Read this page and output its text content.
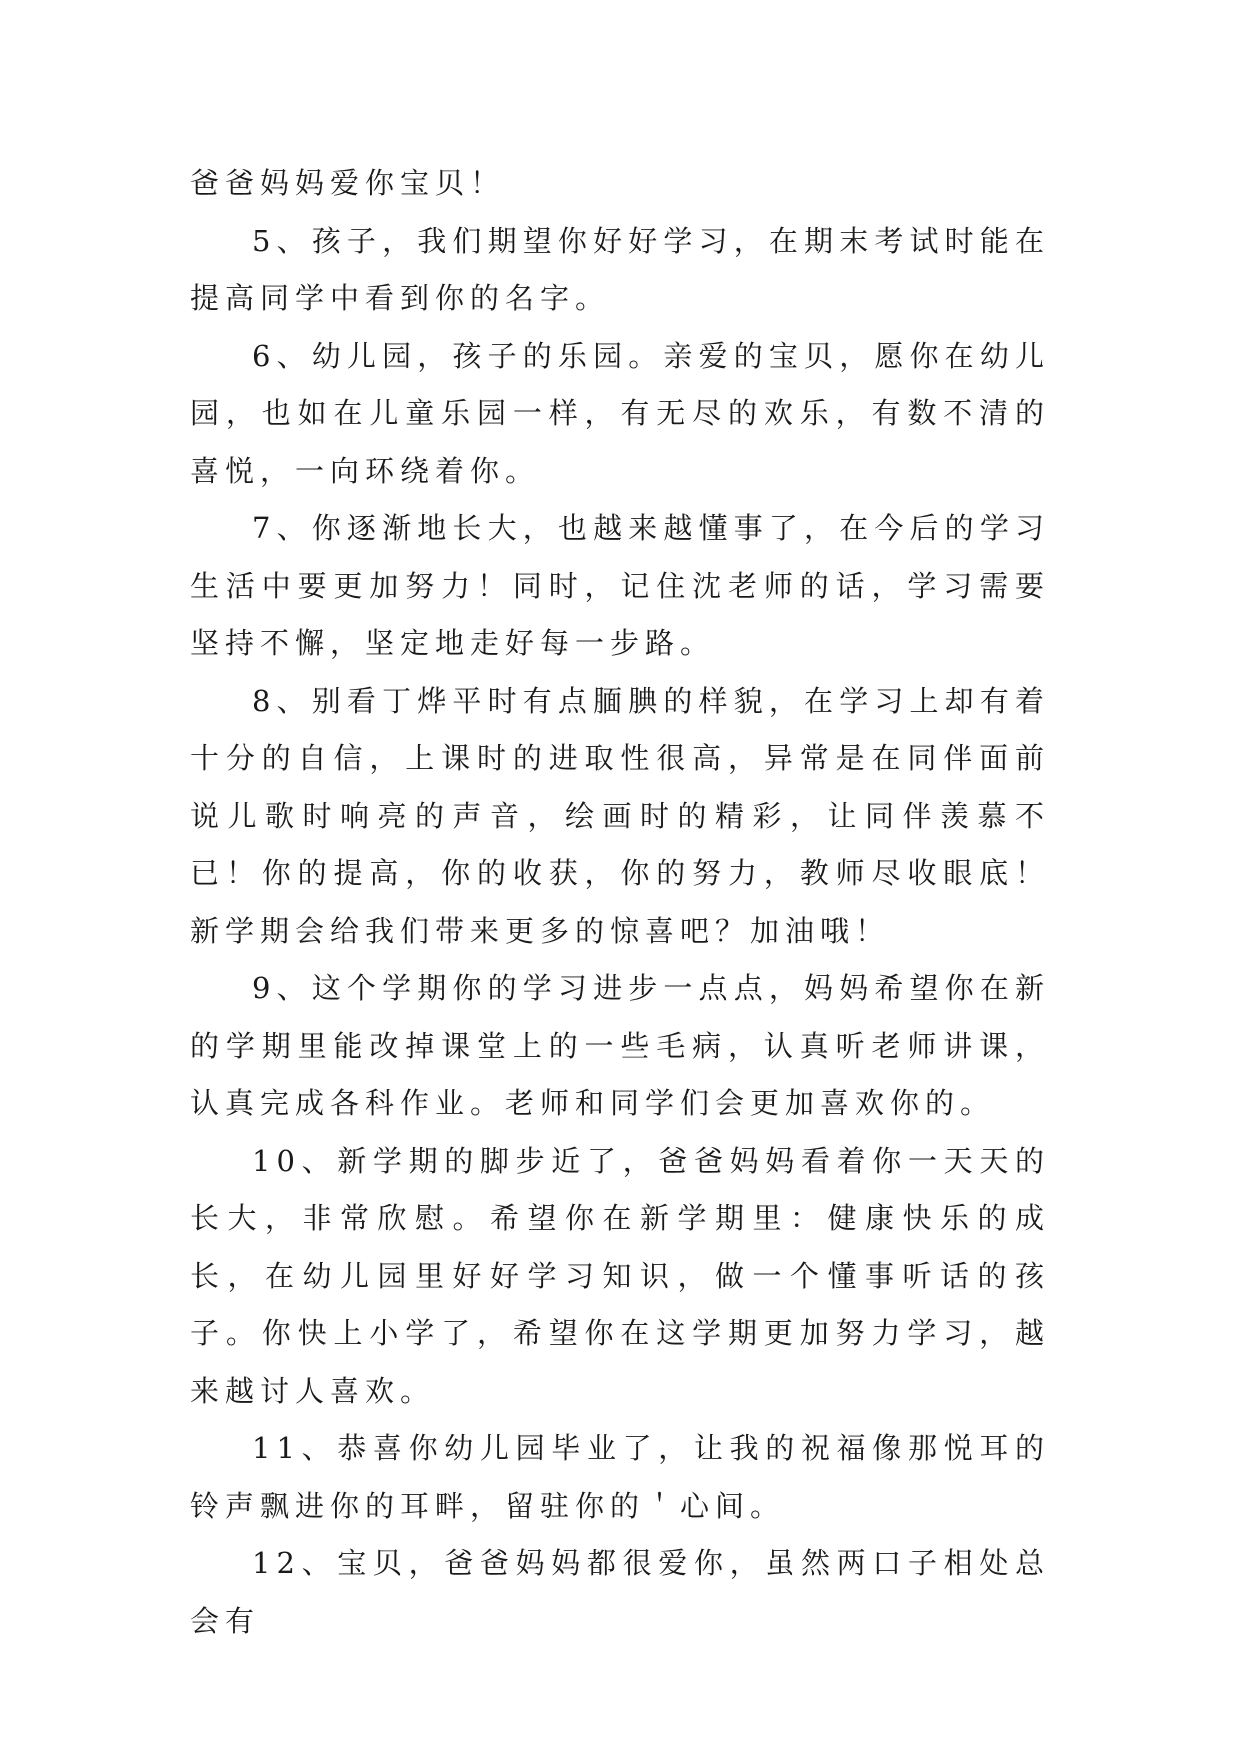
爸爸妈妈爱你宝贝！

5、孩子，我们期望你好好学习，在期末考试时能在提高同学中看到你的名字。

6、幼儿园，孩子的乐园。亲爱的宝贝，愿你在幼儿园，也如在儿童乐园一样，有无尽的欢乐，有数不清的喜悦，一向环绕着你。

7、你逐渐地长大，也越来越懂事了，在今后的学习生活中要更加努力！同时，记住沈老师的话，学习需要坚持不懈，坚定地走好每一步路。

8、别看丁烨平时有点腼腆的样貌，在学习上却有着十分的自信，上课时的进取性很高，异常是在同伴面前说儿歌时响亮的声音，绘画时的精彩，让同伴羡慕不已！你的提高，你的收获，你的努力，教师尽收眼底！新学期会给我们带来更多的惊喜吧？加油哦！

9、这个学期你的学习进步一点点，妈妈希望你在新的学期里能改掉课堂上的一些毛病，认真听老师讲课，认真完成各科作业。老师和同学们会更加喜欢你的。

10、新学期的脚步近了，爸爸妈妈看着你一天天的长大，非常欣慰。希望你在新学期里：健康快乐的成长，在幼儿园里好好学习知识，做一个懂事听话的孩子。你快上小学了，希望你在这学期更加努力学习，越来越讨人喜欢。

11、恭喜你幼儿园毕业了，让我的祝福像那悦耳的铃声飘进你的耳畔，留驻你的＇心间。

12、宝贝，爸爸妈妈都很爱你，虽然两口子相处总会有
